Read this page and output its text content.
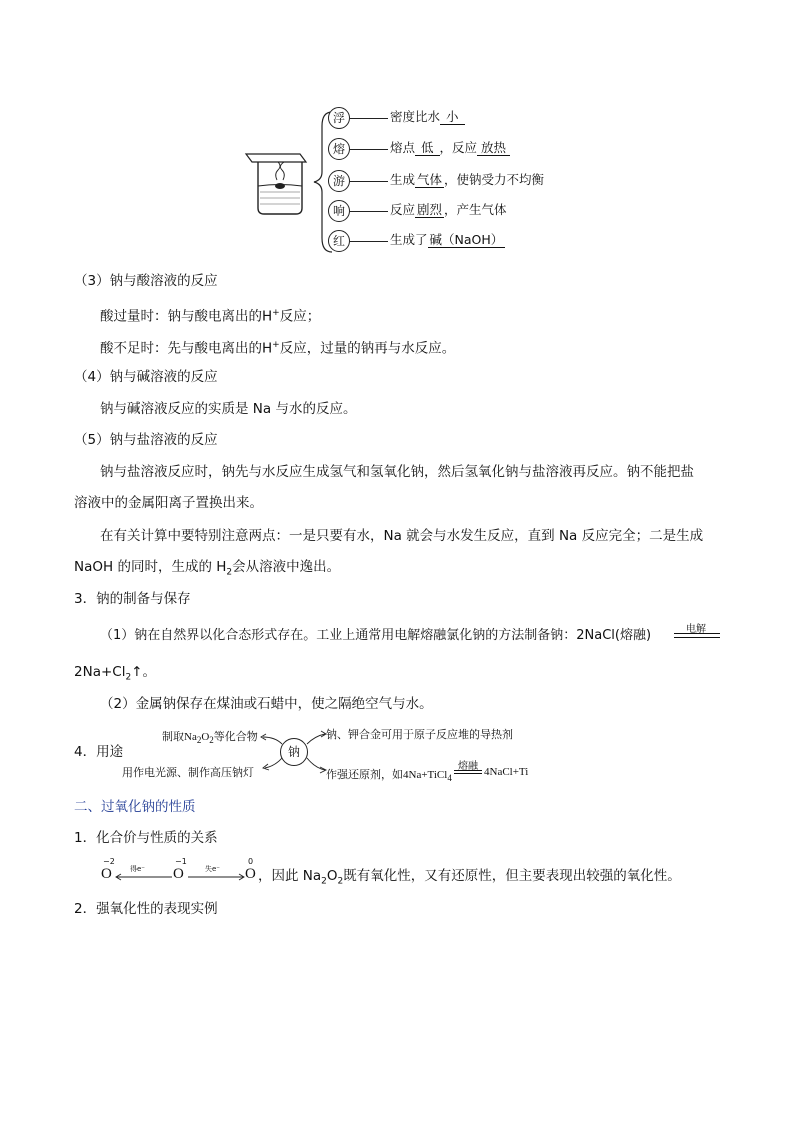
浮	密度比水 小
熔	熔点 低 ，反应 放热
游	生成 气体 ，使钠受力不均衡
响	反应 剧烈 ，产生气体
红	生成了 碱（NaOH）
（3）钠与酸溶液的反应
酸过量时：钠与酸电离出的H+反应；
酸不足时：先与酸电离出的H+反应，过量的钠再与水反应。
（4）钠与碱溶液的反应
钠与碱溶液反应的实质是 Na 与水的反应。
（5）钠与盐溶液的反应
钠与盐溶液反应时，钠先与水反应生成氢气和氢氧化钠，然后氢氧化钠与盐溶液再反应。钠不能把盐
溶液中的金属阳离子置换出来。
在有关计算中要特别注意两点：一是只要有水，Na 就会与水发生反应，直到 Na 反应完全；二是生成
NaOH 的同时，生成的 $H_2$会从溶液中逸出。
3．钠的制备与保存
（1）钠在自然界以化合态形式存在。工业上通常用电解熔融氯化钠的方法制备钠：2NaCl(熔融)	电解
$2Na+Cl_2↑$。
（2）金属钠保存在煤油或石蜡中，使之隔绝空气与水。
4．用途
制取$Na_2O_2$等化合物
用作电光源、制作高压钠灯
钠
钠、钾合金可用于原子反应堆的导热剂
作强还原剂，如4Na+TiCl$_4$
熔融 4NaCl+Ti
二、过氧化钠的性质
1．化合价与性质的关系
−2
O
−1
O
0
O
得e⁻	失e⁻	，因此 $Na_2O_2$既有氧化性，又有还原性，但主要表现出较强的氧化性。
2．强氧化性的表现实例
